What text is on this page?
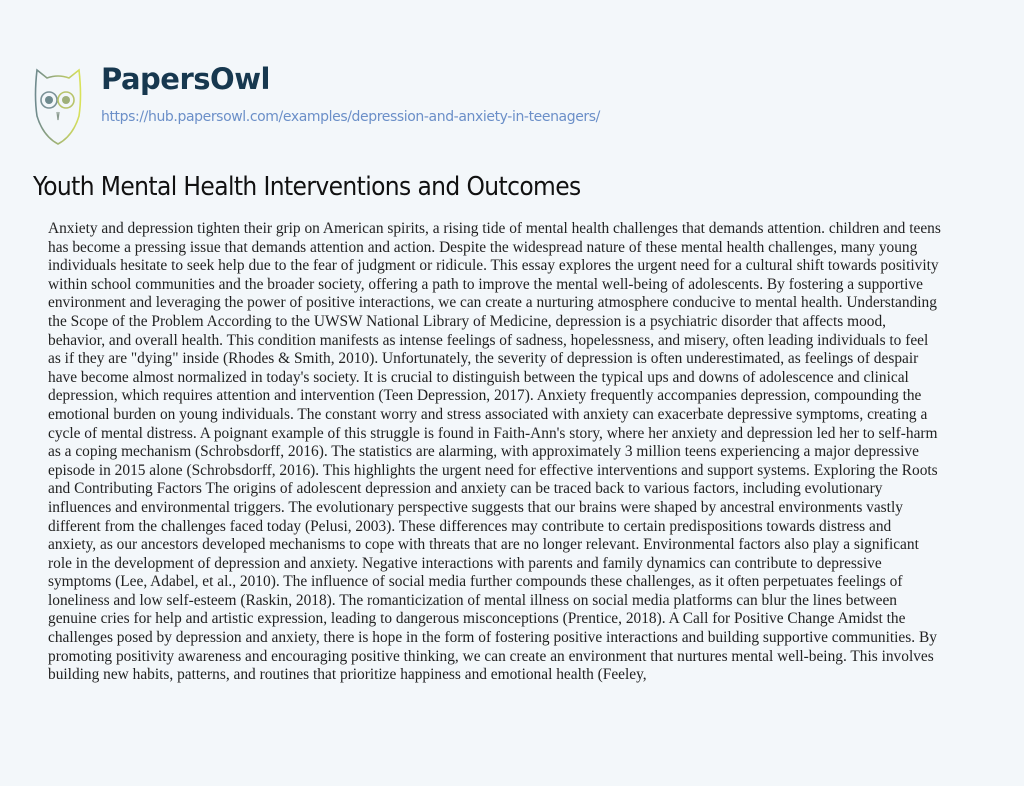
PapersOwl
https://hub.papersowl.com/examples/depression-and-anxiety-in-teenagers/
Youth Mental Health Interventions and Outcomes
Anxiety and depression tighten their grip on American spirits, a rising tide of mental health challenges that demands attention. children and teens
has become a pressing issue that demands attention and action. Despite the widespread nature of these mental health challenges, many young
individuals hesitate to seek help due to the fear of judgment or ridicule. This essay explores the urgent need for a cultural shift towards positivity
within school communities and the broader society, offering a path to improve the mental well-being of adolescents. By fostering a supportive
environment and leveraging the power of positive interactions, we can create a nurturing atmosphere conducive to mental health. Understanding
the Scope of the Problem According to the UWSW National Library of Medicine, depression is a psychiatric disorder that affects mood,
behavior, and overall health. This condition manifests as intense feelings of sadness, hopelessness, and misery, often leading individuals to feel
as if they are "dying" inside (Rhodes & Smith, 2010). Unfortunately, the severity of depression is often underestimated, as feelings of despair
have become almost normalized in today's society. It is crucial to distinguish between the typical ups and downs of adolescence and clinical
depression, which requires attention and intervention (Teen Depression, 2017). Anxiety frequently accompanies depression, compounding the
emotional burden on young individuals. The constant worry and stress associated with anxiety can exacerbate depressive symptoms, creating a
cycle of mental distress. A poignant example of this struggle is found in Faith-Ann's story, where her anxiety and depression led her to self-harm
as a coping mechanism (Schrobsdorff, 2016). The statistics are alarming, with approximately 3 million teens experiencing a major depressive
episode in 2015 alone (Schrobsdorff, 2016). This highlights the urgent need for effective interventions and support systems. Exploring the Roots
and Contributing Factors The origins of adolescent depression and anxiety can be traced back to various factors, including evolutionary
influences and environmental triggers. The evolutionary perspective suggests that our brains were shaped by ancestral environments vastly
different from the challenges faced today (Pelusi, 2003). These differences may contribute to certain predispositions towards distress and
anxiety, as our ancestors developed mechanisms to cope with threats that are no longer relevant. Environmental factors also play a significant
role in the development of depression and anxiety. Negative interactions with parents and family dynamics can contribute to depressive
symptoms (Lee, Adabel, et al., 2010). The influence of social media further compounds these challenges, as it often perpetuates feelings of
loneliness and low self-esteem (Raskin, 2018). The romanticization of mental illness on social media platforms can blur the lines between
genuine cries for help and artistic expression, leading to dangerous misconceptions (Prentice, 2018). A Call for Positive Change Amidst the
challenges posed by depression and anxiety, there is hope in the form of fostering positive interactions and building supportive communities. By
promoting positivity awareness and encouraging positive thinking, we can create an environment that nurtures mental well-being. This involves
building new habits, patterns, and routines that prioritize happiness and emotional health (Feeley,
